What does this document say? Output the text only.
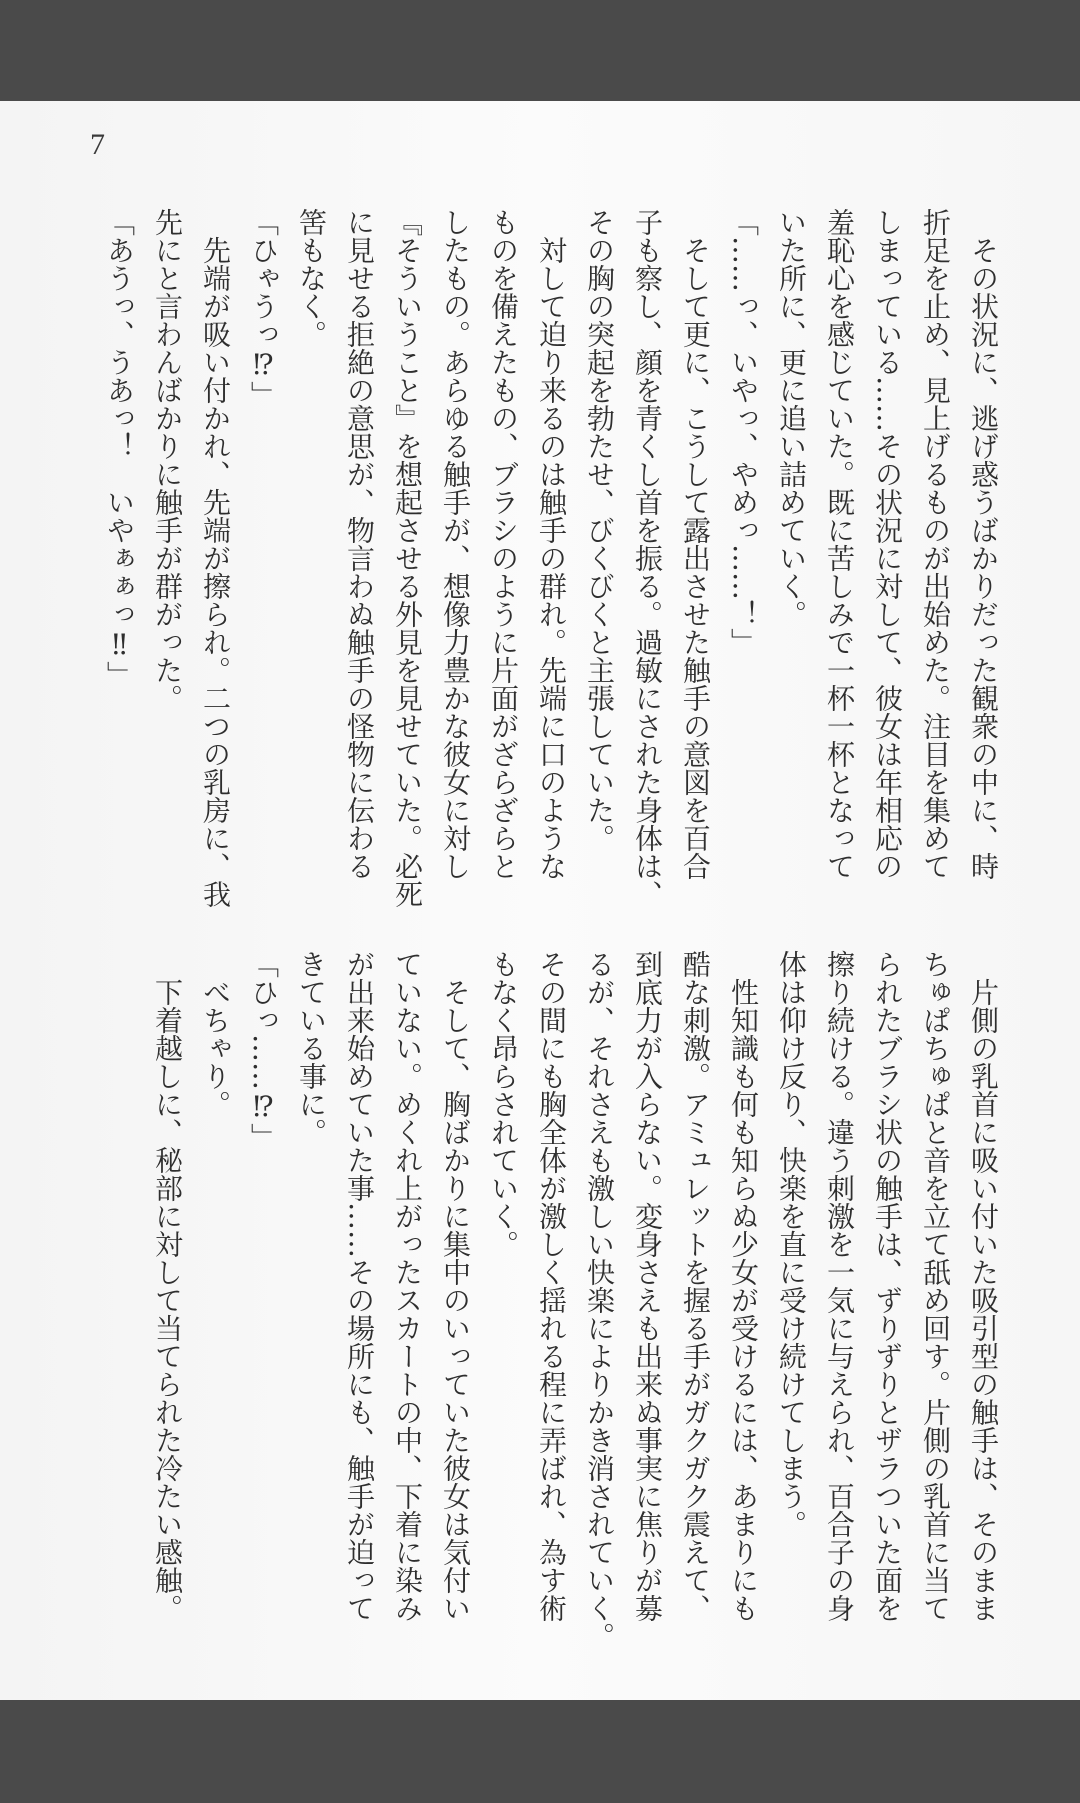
7
　その状況に、逃げ惑うばかりだった観衆の中に、時
折足を止め、見上げるものが出始めた。注目を集めて
しまっている……その状況に対して、彼女は年相応の
羞恥心を感じていた。既に苦しみで一杯一杯となって
いた所に、更に追い詰めていく。
「……っ、いやっ、やめっ……！」
　そして更に、こうして露出させた触手の意図を百合
子も察し、顔を青くし首を振る。過敏にされた身体は、
その胸の突起を勃たせ、びくびくと主張していた。
　対して迫り来るのは触手の群れ。先端に口のような
ものを備えたもの、ブラシのように片面がざらざらと
したもの。あらゆる触手が、想像力豊かな彼女に対し
『そういうこと』を想起させる外見を見せていた。必死
に見せる拒絶の意思が、物言わぬ触手の怪物に伝わる
筈もなく。
「ひゃうっ⁉」
　先端が吸い付かれ、先端が擦られ。二つの乳房に、我
先にと言わんばかりに触手が群がった。
「あうっ、うあっ！　いやぁぁっ‼」
　片側の乳首に吸い付いた吸引型の触手は、そのまま
ちゅぱちゅぱと音を立て舐め回す。片側の乳首に当て
られたブラシ状の触手は、ずりずりとザラついた面を
擦り続ける。違う刺激を一気に与えられ、百合子の身
体は仰け反り、快楽を直に受け続けてしまう。
　性知識も何も知らぬ少女が受けるには、あまりにも
酷な刺激。アミュレットを握る手がガクガク震えて、
到底力が入らない。変身さえも出来ぬ事実に焦りが募
るが、それさえも激しい快楽によりかき消されていく。
その間にも胸全体が激しく揺れる程に弄ばれ、為す術
もなく昂らされていく。
　そして、胸ばかりに集中のいっていた彼女は気付い
ていない。めくれ上がったスカートの中、下着に染み
が出来始めていた事……その場所にも、触手が迫って
きている事に。
「ひっ……⁉」
　べちゃり。
　下着越しに、秘部に対して当てられた冷たい感触。
